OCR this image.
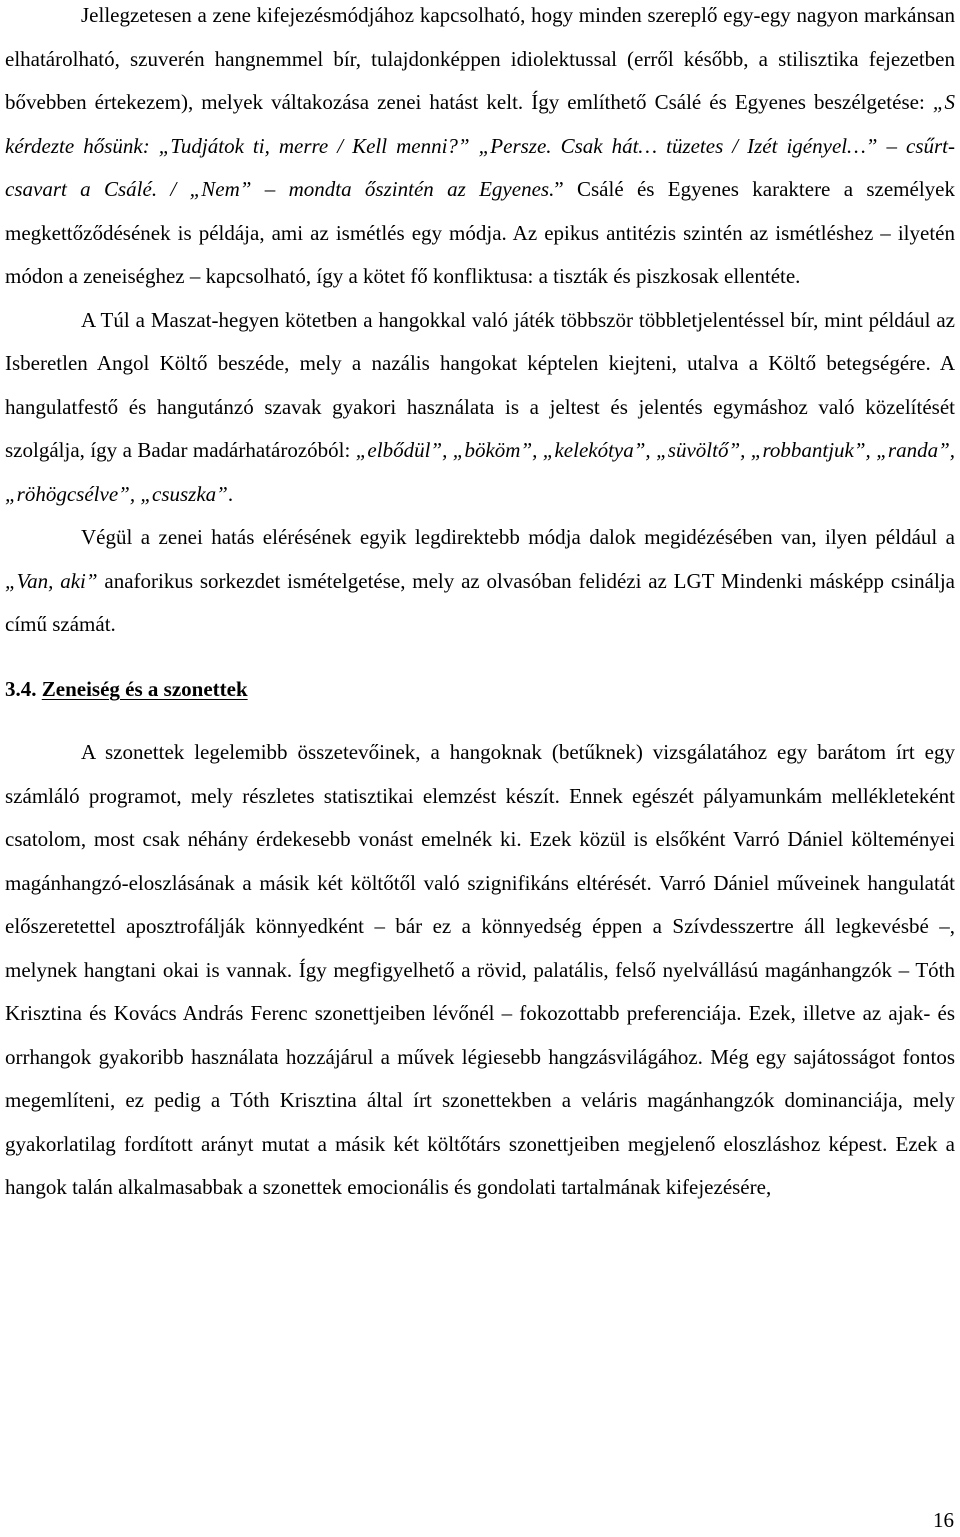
Jellegzetesen a zene kifejezésmódjához kapcsolható, hogy minden szereplő egy-egy nagyon markánsan elhatárolható, szuverén hangnemmel bír, tulajdonképpen idiolektussal (erről később, a stilisztika fejezetben bővebben értekezem), melyek váltakozása zenei hatást kelt. Így említhető Csálé és Egyenes beszélgetése: „S kérdezte hősünk: „Tudjátok ti, merre / Kell menni?” „Persze. Csak hát… tüzetes / Izét igényel…” – csűrt-csavart a Csálé. / „Nem” – mondta őszintén az Egyenes.” Csálé és Egyenes karaktere a személyek megkettőződésének is példája, ami az ismétlés egy módja. Az epikus antitézis szintén az ismétléshez – ilyetén módon a zeneiséghez – kapcsolható, így a kötet fő konfliktusa: a tiszták és piszkosak ellentéte.

A Túl a Maszat-hegyen kötetben a hangokkal való játék többször többletjelentéssel bír, mint például az Isberetlen Angol Költő beszéde, mely a nazális hangokat képtelen kiejteni, utalva a Költő betegségére. A hangulatfestő és hangutánzó szavak gyakori használata is a jeltest és jelentés egymáshoz való közelítését szolgálja, így a Badar madárhatározóból: „elbődül”, „bököm”, „kelekótya”, „süvöltő”, „robbantjuk”, „randa”, „röhögcsélve”, „csuszka”.

Végül a zenei hatás elérésének egyik legdirektebb módja dalok megidézésében van, ilyen például a „Van, aki” anaforikus sorkezdet ismételgetése, mely az olvasóban felidézi az LGT Mindenki másképp csinálja című számát.

3.4. Zeneiség és a szonettek

A szonettek legelemibb összetevőinek, a hangoknak (betűknek) vizsgálatához egy barátom írt egy számláló programot, mely részletes statisztikai elemzést készít. Ennek egészét pályamunkám mellékleteként csatolom, most csak néhány érdekesebb vonást emelnék ki. Ezek közül is elsőként Varró Dániel költeményei magánhangzó-eloszlásának a másik két költőtől való szignifikáns eltérését. Varró Dániel műveinek hangulatát előszeretettel aposztrofálják könnyedként – bár ez a könnyedség éppen a Szívdesszertre áll legkevésbé –, melynek hangtani okai is vannak. Így megfigyelhető a rövid, palatális, felső nyelvállású magánhangzók – Tóth Krisztina és Kovács András Ferenc szonettjeiben lévőnél – fokozottabb preferenciája. Ezek, illetve az ajak- és orrhangok gyakoribb használata hozzájárul a művek légiesebb hangzásvilágához. Még egy sajátosságot fontos megemlíteni, ez pedig a Tóth Krisztina által írt szonettekben a veláris magánhangzók dominanciája, mely gyakorlatilag fordított arányt mutat a másik két költőtárs szonettjeiben megjelenő eloszláshoz képest. Ezek a hangok talán alkalmasabbak a szonettek emocionális és gondolati tartalmának kifejezésére,

16
